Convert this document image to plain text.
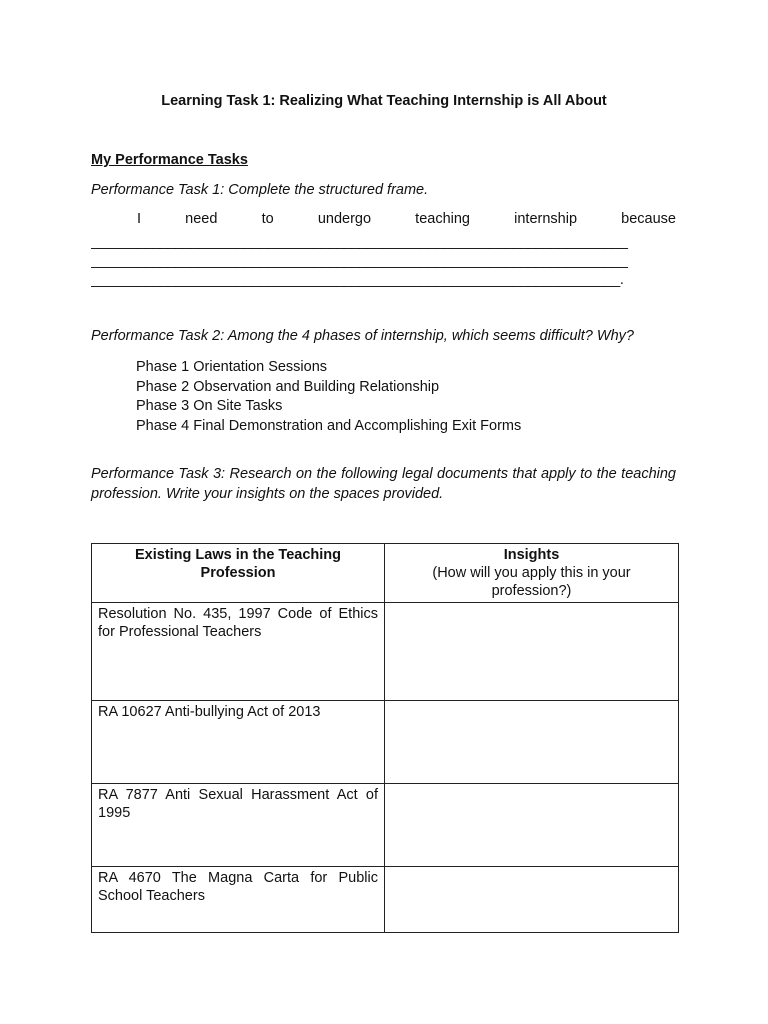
Learning Task 1: Realizing What Teaching Internship is All About
My Performance Tasks
Performance Task 1: Complete the structured frame.
I	need	to	undergo	teaching	internship	because
______________________________________________________________________
______________________________________________________________________
_____________________________________________________________________.
Performance Task 2: Among the 4 phases of internship, which seems difficult? Why?
Phase 1 Orientation Sessions
Phase 2 Observation and Building Relationship
Phase 3 On Site Tasks
Phase 4 Final Demonstration and Accomplishing Exit Forms
Performance Task 3: Research on the following legal documents that apply to the teaching profession. Write your insights on the spaces provided.
Existing Laws in the Teaching Profession	Insights
(How will you apply this in your profession?)

Resolution No. 435, 1997 Code of Ethics for Professional Teachers	
RA 10627 Anti-bullying Act of 2013	
RA 7877 Anti Sexual Harassment Act of 1995	
RA 4670 The Magna Carta for Public School Teachers	
